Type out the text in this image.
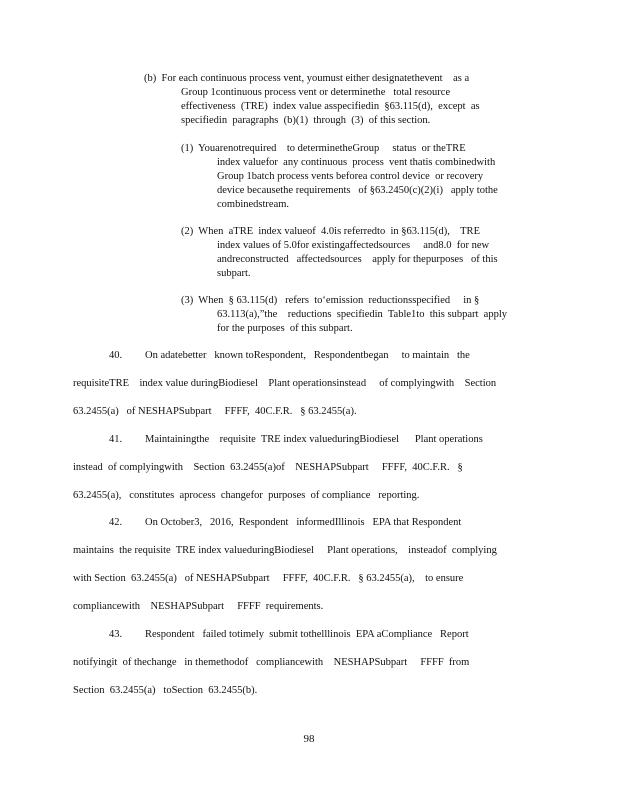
(b)  For each continuous process vent, youmust either designatethevent    as a
Group 1continuous process vent or determinethe   total resource
effectiveness  (TRE)  index value asspecifiedin  §63.115(d),  except  as
specifiedin  paragraphs  (b)(1)  through  (3)  of this section.
(1)  Youarenotrequired    to determinetheGroup     status  or theTRE
index valuefor  any continuous  process  vent thatis combinedwith
Group 1batch process vents beforea control device  or recovery
device becausethe requirements   of §63.2450(c)(2)(i)   apply tothe
combinedstream.
(2)  When  aTRE  index valueof  4.0is referredto  in §63.115(d),    TRE
index values of 5.0for existingaffectedsources     and8.0  for new
andreconstructed   affectedsources    apply for thepurposes   of this
subpart.
(3)  When  § 63.115(d)   refers  to‘emission  reductionsspecified     in §
63.113(a),”the    reductions  specifiedin  Table1to  this subpart  apply
for the purposes  of this subpart.
40. On adatebetter   known toRespondent,   Respondentbegan     to maintain   the
requisiteTRE    index value duringBiodiesel    Plant operationsinstead     of complyingwith    Section
63.2455(a)   of NESHAPSubpart     FFFF,  40C.F.R.   § 63.2455(a).
41. Maintainingthe    requisite  TRE index valueduringBiodiesel      Plant operations
instead  of complyingwith    Section  63.2455(a)of    NESHAPSubpart     FFFF,  40C.F.R.   §
63.2455(a),   constitutes  aprocess  changefor  purposes  of compliance   reporting.
42. On October3,   2016,  Respondent   informedIllinois   EPA that Respondent
maintains  the requisite  TRE index valueduringBiodiesel     Plant operations,    insteadof  complying
with Section  63.2455(a)   of NESHAPSubpart     FFFF,  40C.F.R.   § 63.2455(a),    to ensure
compliancewith    NESHAPSubpart     FFFF  requirements.
43. Respondent   failed totimely  submit tothelllinois  EPA aCompliance   Report
notifyingit  of thechange   in themethodof   compliancewith    NESHAPSubpart     FFFF  from
Section  63.2455(a)   toSection  63.2455(b).
98
